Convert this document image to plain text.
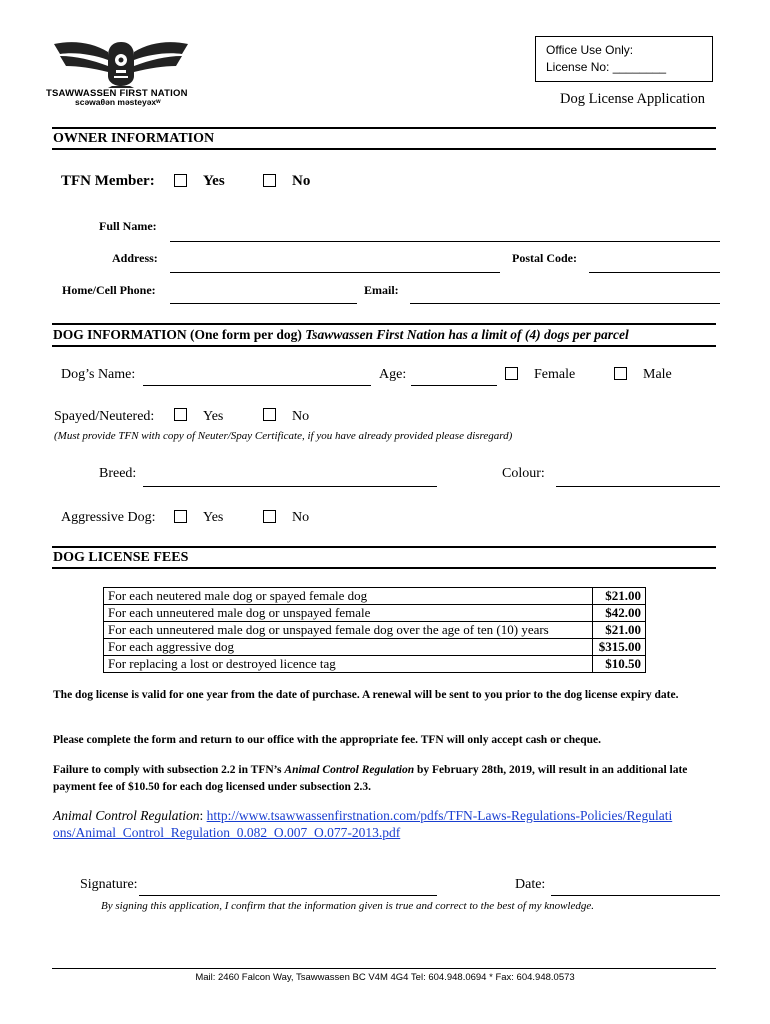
TSAWWASSEN FIRST NATION
scəwaθən məsteyəxʷ
Office Use Only:
License No: ________
Dog License Application
OWNER INFORMATION
TFN Member:	Yes	No
Full Name:
Address:	Postal Code:
Home/Cell Phone:	Email:
DOG INFORMATION (One form per dog) Tsawwassen First Nation has a limit of (4) dogs per parcel
Dog’s Name:	Age:	Female	Male
Spayed/Neutered:	Yes	No
(Must provide TFN with copy of Neuter/Spay Certificate, if you have already provided please disregard)
Breed:	Colour:
Aggressive Dog:	Yes	No
DOG LICENSE FEES
For each neutered male dog or spayed female dog	$21.00
For each unneutered male dog or unspayed female	$42.00
For each unneutered male dog or unspayed female dog over the age of ten (10) years	$21.00
For each aggressive dog	$315.00
For replacing a lost or destroyed licence tag	$10.50
The dog license is valid for one year from the date of purchase. A renewal will be sent to you prior to the dog license expiry date.
Please complete the form and return to our office with the appropriate fee. TFN will only accept cash or cheque.
Failure to comply with subsection 2.2 in TFN’s Animal Control Regulation by February 28th, 2019, will result in an additional late payment fee of $10.50 for each dog licensed under subsection 2.3.
Animal Control Regulation: http://www.tsawwassenfirstnation.com/pdfs/TFN-Laws-Regulations-Policies/Regulations/Animal_Control_Regulation_0.082_O.007_O.077-2013.pdf
Signature:	Date:
By signing this application, I confirm that the information given is true and correct to the best of my knowledge.
Mail: 2460 Falcon Way, Tsawwassen BC V4M 4G4 Tel: 604.948.0694 * Fax: 604.948.0573
